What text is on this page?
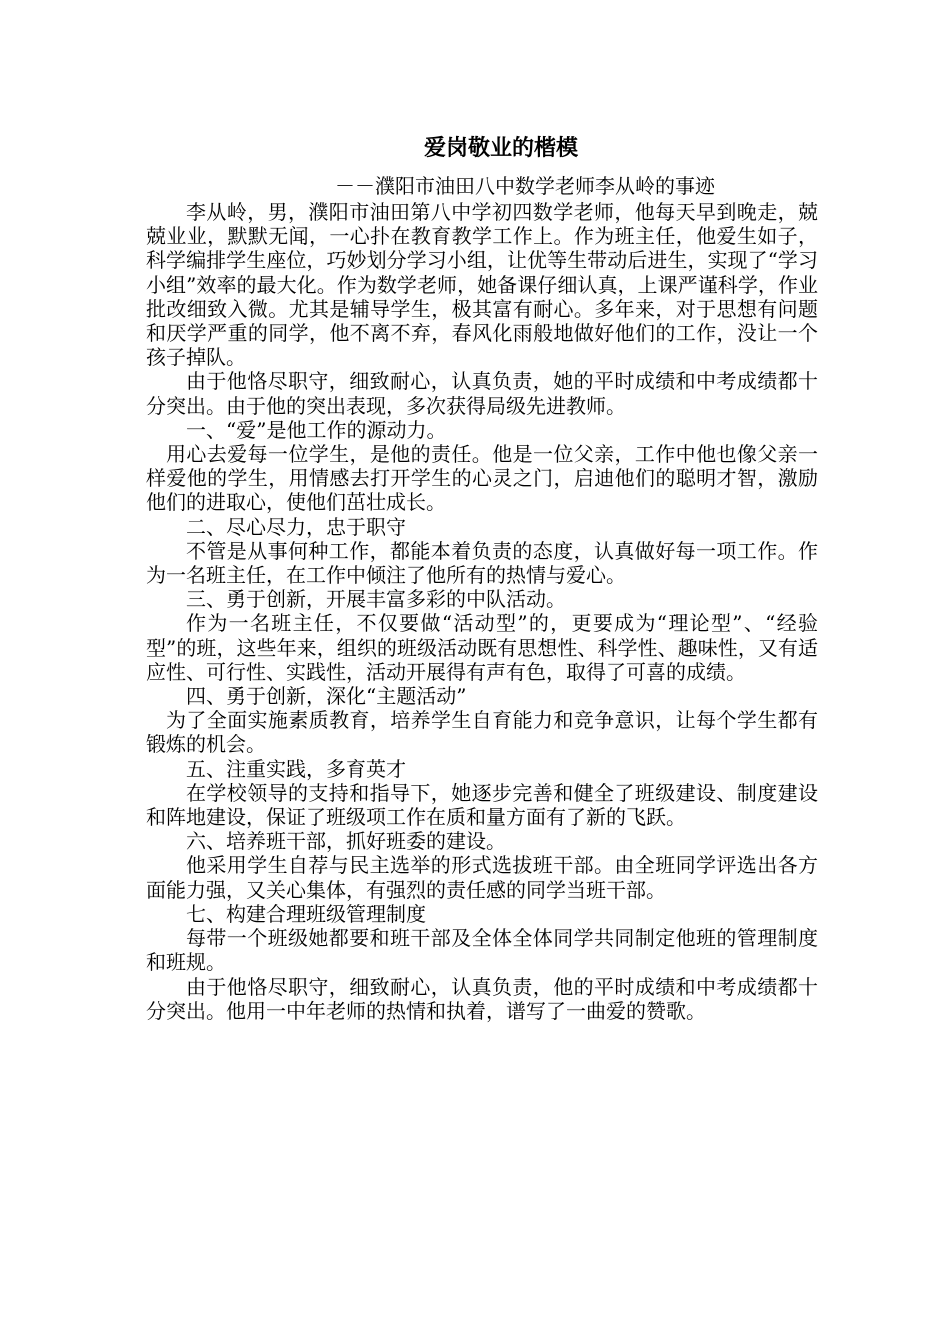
爱岗敬业的楷模
－－濮阳市油田八中数学老师李从岭的事迹

李从岭，男，濮阳市油田第八中学初四数学老师，他每天早到晚走，兢兢业业，默默无闻，一心扑在教育教学工作上。作为班主任，他爱生如子，科学编排学生座位，巧妙划分学习小组，让优等生带动后进生，实现了“学习小组”效率的最大化。作为数学老师，她备课仔细认真，上课严谨科学，作业批改细致入微。尤其是辅导学生，极其富有耐心。多年来，对于思想有问题和厌学严重的同学，他不离不弃，春风化雨般地做好他们的工作，没让一个孩子掉队。

由于他恪尽职守，细致耐心，认真负责，她的平时成绩和中考成绩都十分突出。由于他的突出表现，多次获得局级先进教师。

一、“爱”是他工作的源动力。

用心去爱每一位学生，是他的责任。他是一位父亲，工作中他也像父亲一样爱他的学生，用情感去打开学生的心灵之门，启迪他们的聪明才智，激励他们的进取心，使他们茁壮成长。

二、尽心尽力，忠于职守

不管是从事何种工作，都能本着负责的态度，认真做好每一项工作。作为一名班主任，在工作中倾注了他所有的热情与爱心。

三、勇于创新，开展丰富多彩的中队活动。

作为一名班主任，不仅要做“活动型”的，更要成为“理论型”、“经验型”的班，这些年来，组织的班级活动既有思想性、科学性、趣味性，又有适应性、可行性、实践性，活动开展得有声有色，取得了可喜的成绩。

四、勇于创新，深化“主题活动”

为了全面实施素质教育，培养学生自育能力和竞争意识，让每个学生都有锻炼的机会。

五、注重实践，多育英才

在学校领导的支持和指导下，她逐步完善和健全了班级建设、制度建设和阵地建设，保证了班级项工作在质和量方面有了新的飞跃。

六、培养班干部，抓好班委的建设。

他采用学生自荐与民主选举的形式选拔班干部。由全班同学评选出各方面能力强，又关心集体，有强烈的责任感的同学当班干部。

七、构建合理班级管理制度

每带一个班级她都要和班干部及全体全体同学共同制定他班的管理制度和班规。

由于他恪尽职守，细致耐心，认真负责，他的平时成绩和中考成绩都十分突出。他用一中年老师的热情和执着，谱写了一曲爱的赞歌。
